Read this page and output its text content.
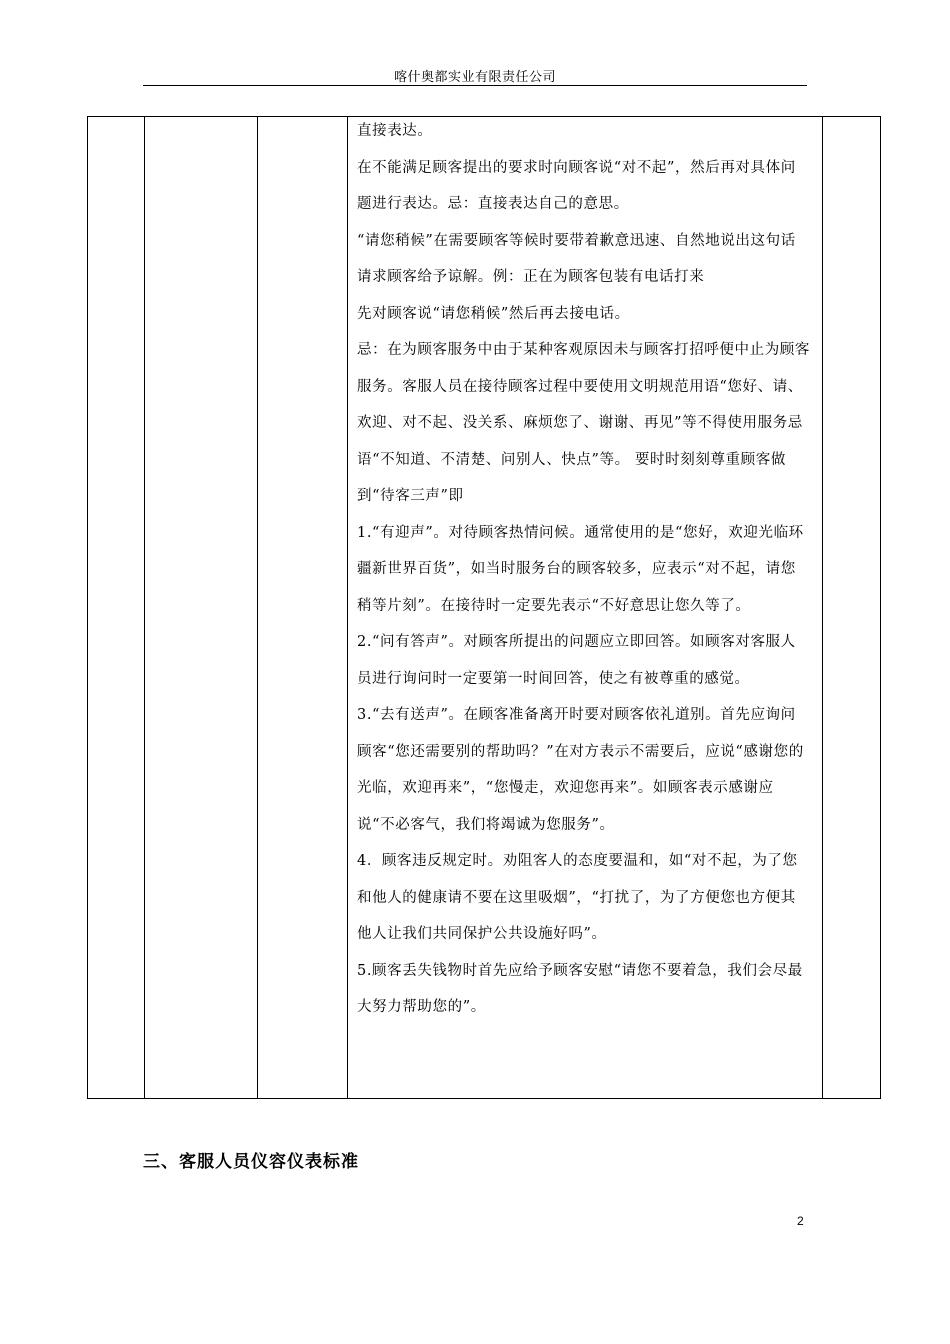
喀什奥都实业有限责任公司

直接表达。

在不能满足顾客提出的要求时向顾客说“对不起”，然后再对具体问题进行表达。忌：直接表达自己的意思。

“请您稍候”在需要顾客等候时要带着歉意迅速、自然地说出这句话请求顾客给予谅解。例：正在为顾客包装有电话打来

先对顾客说“请您稍候”然后再去接电话。

忌：在为顾客服务中由于某种客观原因未与顾客打招呼便中止为顾客服务。客服人员在接待顾客过程中要使用文明规范用语“您好、请、欢迎、对不起、没关系、麻烦您了、谢谢、再见”等不得使用服务忌语“不知道、不清楚、问别人、快点”等。 要时时刻刻尊重顾客做到“待客三声”即

1.“有迎声”。对待顾客热情问候。通常使用的是“您好，欢迎光临环疆新世界百货”，如当时服务台的顾客较多，应表示“对不起，请您稍等片刻”。在接待时一定要先表示“不好意思让您久等了。

2.“问有答声”。对顾客所提出的问题应立即回答。如顾客对客服人员进行询问时一定要第一时间回答，使之有被尊重的感觉。

3.“去有送声”。在顾客准备离开时要对顾客依礼道别。首先应询问顾客“您还需要别的帮助吗？”在对方表示不需要后，应说“感谢您的光临，欢迎再来”，“您慢走，欢迎您再来”。如顾客表示感谢应说“不必客气，我们将竭诚为您服务”。

4．顾客违反规定时。劝阻客人的态度要温和，如“对不起，为了您和他人的健康请不要在这里吸烟”，“打扰了，为了方便您也方便其他人让我们共同保护公共设施好吗”。

5.顾客丢失钱物时首先应给予顾客安慰“请您不要着急，我们会尽最大努力帮助您的”。

三、客服人员仪容仪表标准
2
